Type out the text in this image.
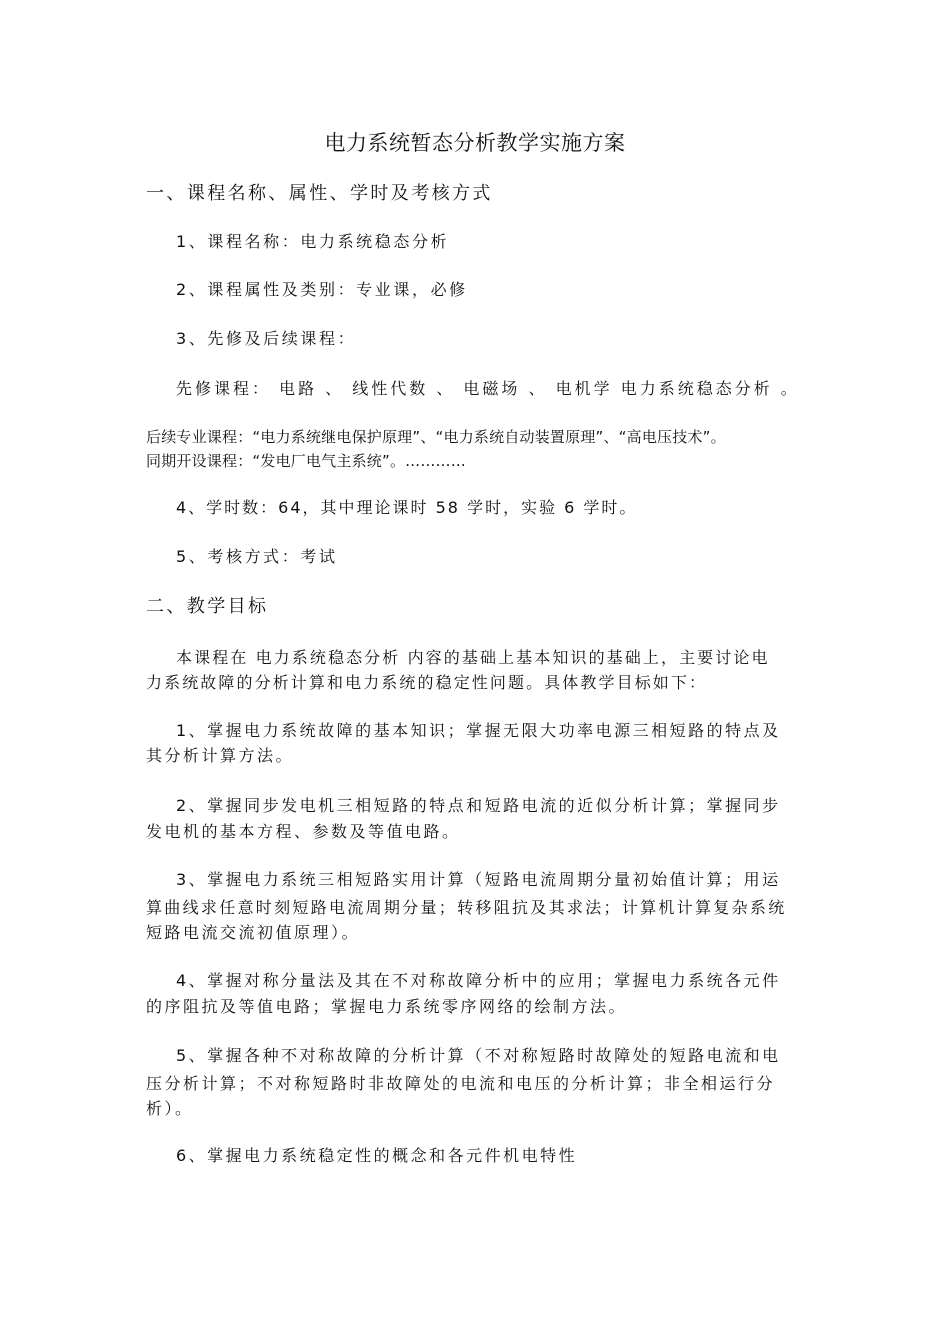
电力系统暂态分析教学实施方案
一、课程名称、属性、学时及考核方式
1、课程名称：电力系统稳态分析
2、课程属性及类别：专业课，必修
3、先修及后续课程：
先修课程： 电路 、 线性代数 、 电磁场 、 电机学 电力系统稳态分析 。
后续专业课程：“电力系统继电保护原理”、“电力系统自动装置原理”、“高电压技术”。
同期开设课程：“发电厂电气主系统”。…………
4、学时数：64，其中理论课时 58 学时，实验 6 学时。
5、考核方式：考试
二、教学目标
本课程在 电力系统稳态分析 内容的基础上基本知识的基础上，主要讨论电
力系统故障的分析计算和电力系统的稳定性问题。具体教学目标如下：
1、掌握电力系统故障的基本知识；掌握无限大功率电源三相短路的特点及
其分析计算方法。
2、掌握同步发电机三相短路的特点和短路电流的近似分析计算；掌握同步
发电机的基本方程、参数及等值电路。
3、掌握电力系统三相短路实用计算（短路电流周期分量初始值计算；用运
算曲线求任意时刻短路电流周期分量；转移阻抗及其求法；计算机计算复杂系统
短路电流交流初值原理）。
4、掌握对称分量法及其在不对称故障分析中的应用；掌握电力系统各元件
的序阻抗及等值电路；掌握电力系统零序网络的绘制方法。
5、掌握各种不对称故障的分析计算（不对称短路时故障处的短路电流和电
压分析计算；不对称短路时非故障处的电流和电压的分析计算；非全相运行分
析）。
6、掌握电力系统稳定性的概念和各元件机电特性
